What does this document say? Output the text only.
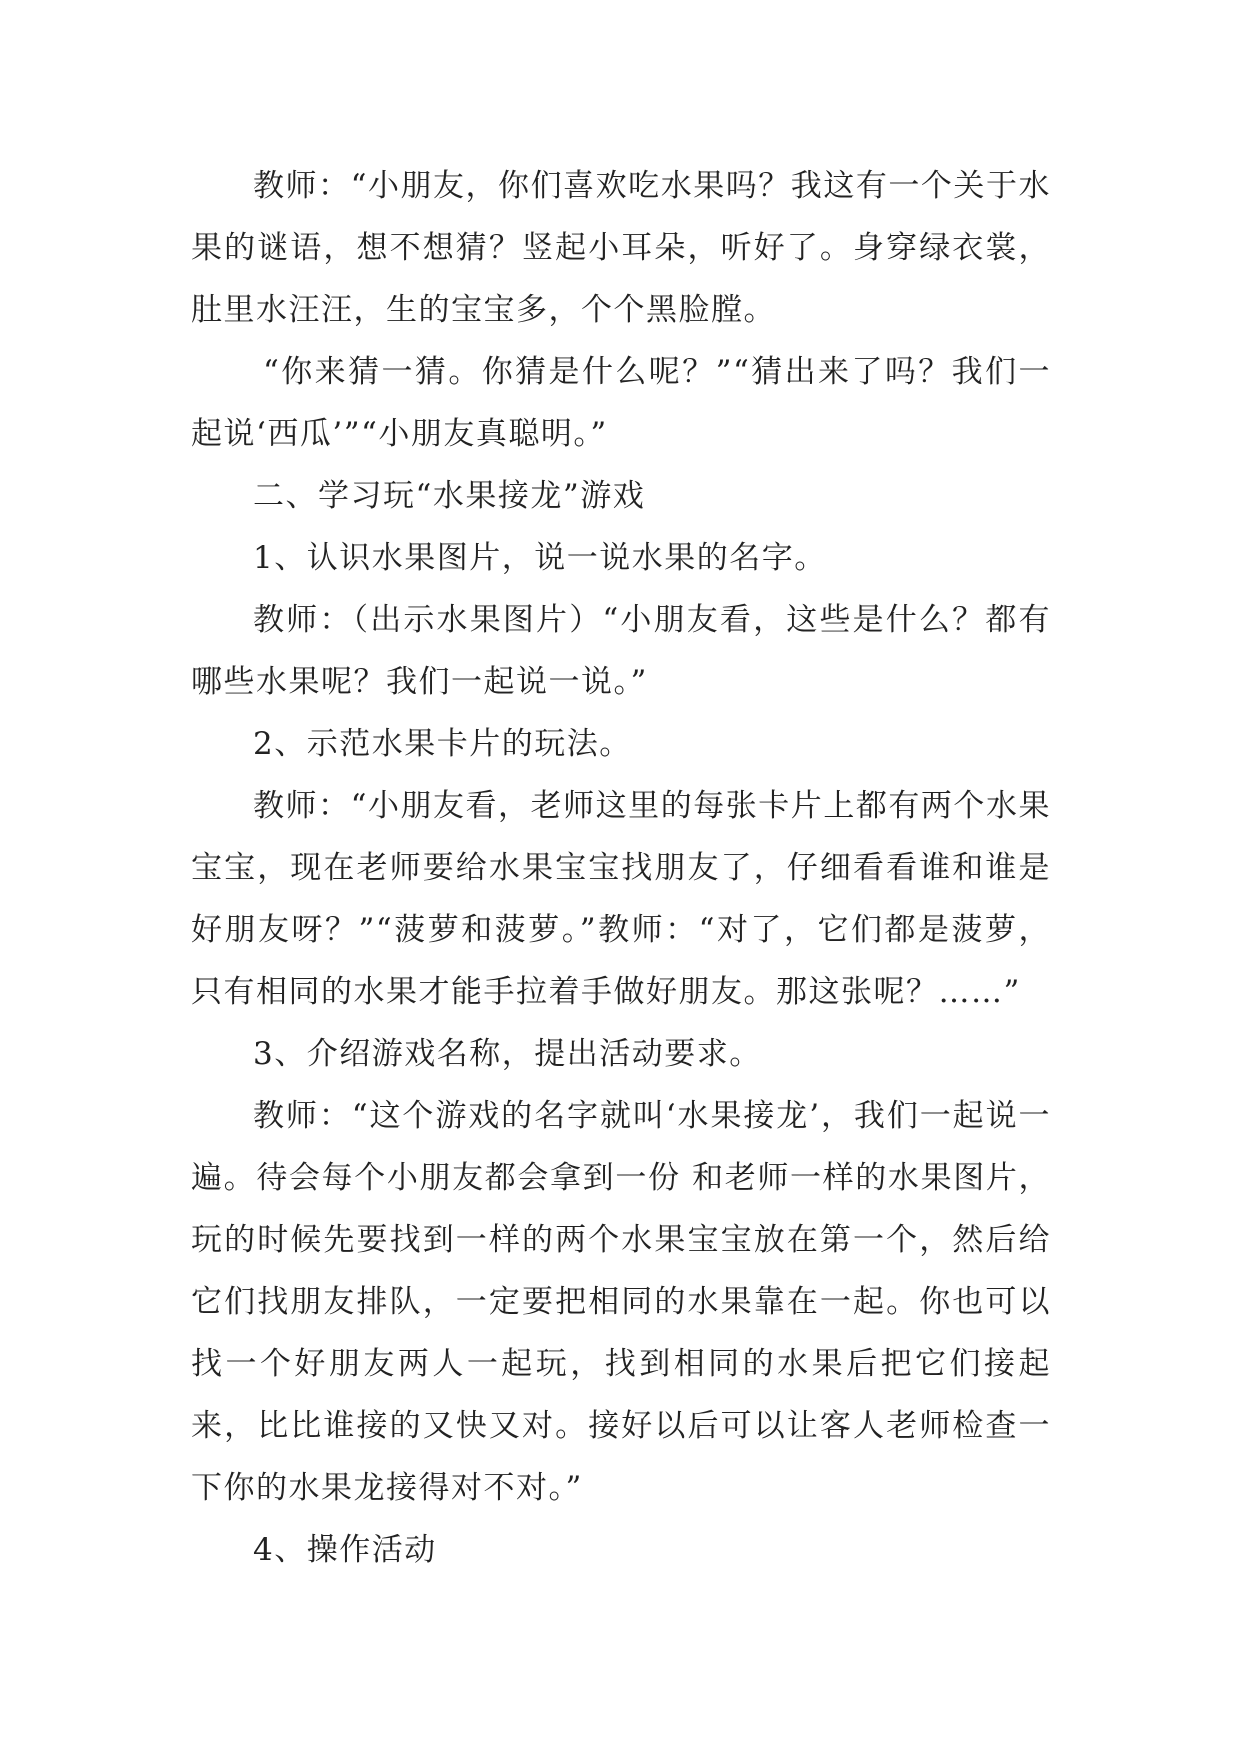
教师：“小朋友，你们喜欢吃水果吗？我这有一个关于水果的谜语，想不想猜？竖起小耳朵，听好了。身穿绿衣裳，肚里水汪汪，生的宝宝多，个个黑脸膛。

“你来猜一猜。你猜是什么呢？”“猜出来了吗？我们一起说‘西瓜’”“小朋友真聪明。”

二、学习玩“水果接龙”游戏

1、认识水果图片，说一说水果的名字。

教师：（出示水果图片）“小朋友看，这些是什么？都有哪些水果呢？我们一起说一说。”

2、示范水果卡片的玩法。

教师：“小朋友看，老师这里的每张卡片上都有两个水果宝宝，现在老师要给水果宝宝找朋友了，仔细看看谁和谁是好朋友呀？”“菠萝和菠萝。”教师：“对了，它们都是菠萝，只有相同的水果才能手拉着手做好朋友。那这张呢？……”

3、介绍游戏名称，提出活动要求。

教师：“这个游戏的名字就叫‘水果接龙’，我们一起说一遍。待会每个小朋友都会拿到一份 和老师一样的水果图片，玩的时候先要找到一样的两个水果宝宝放在第一个，然后给它们找朋友排队，一定要把相同的水果靠在一起。你也可以找一个好朋友两人一起玩，找到相同的水果后把它们接起来，比比谁接的又快又对。接好以后可以让客人老师检查一下你的水果龙接得对不对。”

4、操作活动
